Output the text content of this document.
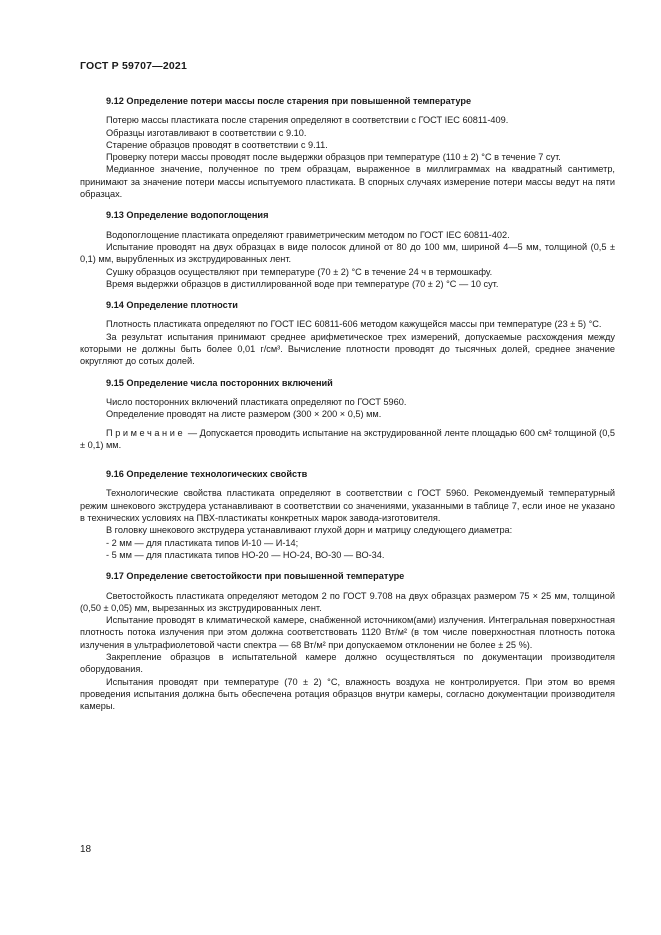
ГОСТ Р 59707—2021
9.12 Определение потери массы после старения при повышенной температуре
Потерю массы пластиката после старения определяют в соответствии с ГОСТ IEC 60811-409.
Образцы изготавливают в соответствии с 9.10.
Старение образцов проводят в соответствии с 9.11.
Проверку потери массы проводят после выдержки образцов при температуре (110 ± 2) °С в течение 7 сут.
Медианное значение, полученное по трем образцам, выраженное в миллиграммах на квадратный сантиметр, принимают за значение потери массы испытуемого пластиката. В спорных случаях измерение потери массы ведут на пяти образцах.
9.13 Определение водопоглощения
Водопоглощение пластиката определяют гравиметрическим методом по ГОСТ IEC 60811-402.
Испытание проводят на двух образцах в виде полосок длиной от 80 до 100 мм, шириной 4—5 мм, толщиной (0,5 ± 0,1) мм, вырубленных из экструдированных лент.
Сушку образцов осуществляют при температуре (70 ± 2) °С в течение 24 ч в термошкафу.
Время выдержки образцов в дистиллированной воде при температуре (70 ± 2) °С — 10 сут.
9.14 Определение плотности
Плотность пластиката определяют по ГОСТ IEC 60811-606 методом кажущейся массы при температуре (23 ± 5) °С.
За результат испытания принимают среднее арифметическое трех измерений, допускаемые расхождения между которыми не должны быть более 0,01 г/см³. Вычисление плотности проводят до тысячных долей, среднее значение округляют до сотых долей.
9.15 Определение числа посторонних включений
Число посторонних включений пластиката определяют по ГОСТ 5960.
Определение проводят на листе размером (300 × 200 × 0,5) мм.
Примечание — Допускается проводить испытание на экструдированной ленте площадью 600 см² толщиной (0,5 ± 0,1) мм.
9.16 Определение технологических свойств
Технологические свойства пластиката определяют в соответствии с ГОСТ 5960. Рекомендуемый температурный режим шнекового экструдера устанавливают в соответствии со значениями, указанными в таблице 7, если иное не указано в технических условиях на ПВХ-пластикаты конкретных марок завода-изготовителя.
В головку шнекового экструдера устанавливают глухой дорн и матрицу следующего диаметра:
- 2 мм — для пластиката типов И-10 — И-14;
- 5 мм — для пластиката типов НО-20 — НО-24, ВО-30 — ВО-34.
9.17 Определение светостойкости при повышенной температуре
Светостойкость пластиката определяют методом 2 по ГОСТ 9.708 на двух образцах размером 75 × 25 мм, толщиной (0,50 ± 0,05) мм, вырезанных из экструдированных лент.
Испытание проводят в климатической камере, снабженной источником(ами) излучения. Интегральная поверхностная плотность потока излучения при этом должна соответствовать 1120 Вт/м² (в том числе поверхностная плотность потока излучения в ультрафиолетовой части спектра — 68 Вт/м² при допускаемом отклонении не более ± 25 %).
Закрепление образцов в испытательной камере должно осуществляться по документации производителя оборудования.
Испытания проводят при температуре (70 ± 2) °С, влажность воздуха не контролируется. При этом во время проведения испытания должна быть обеспечена ротация образцов внутри камеры, согласно документации производителя камеры.
18
